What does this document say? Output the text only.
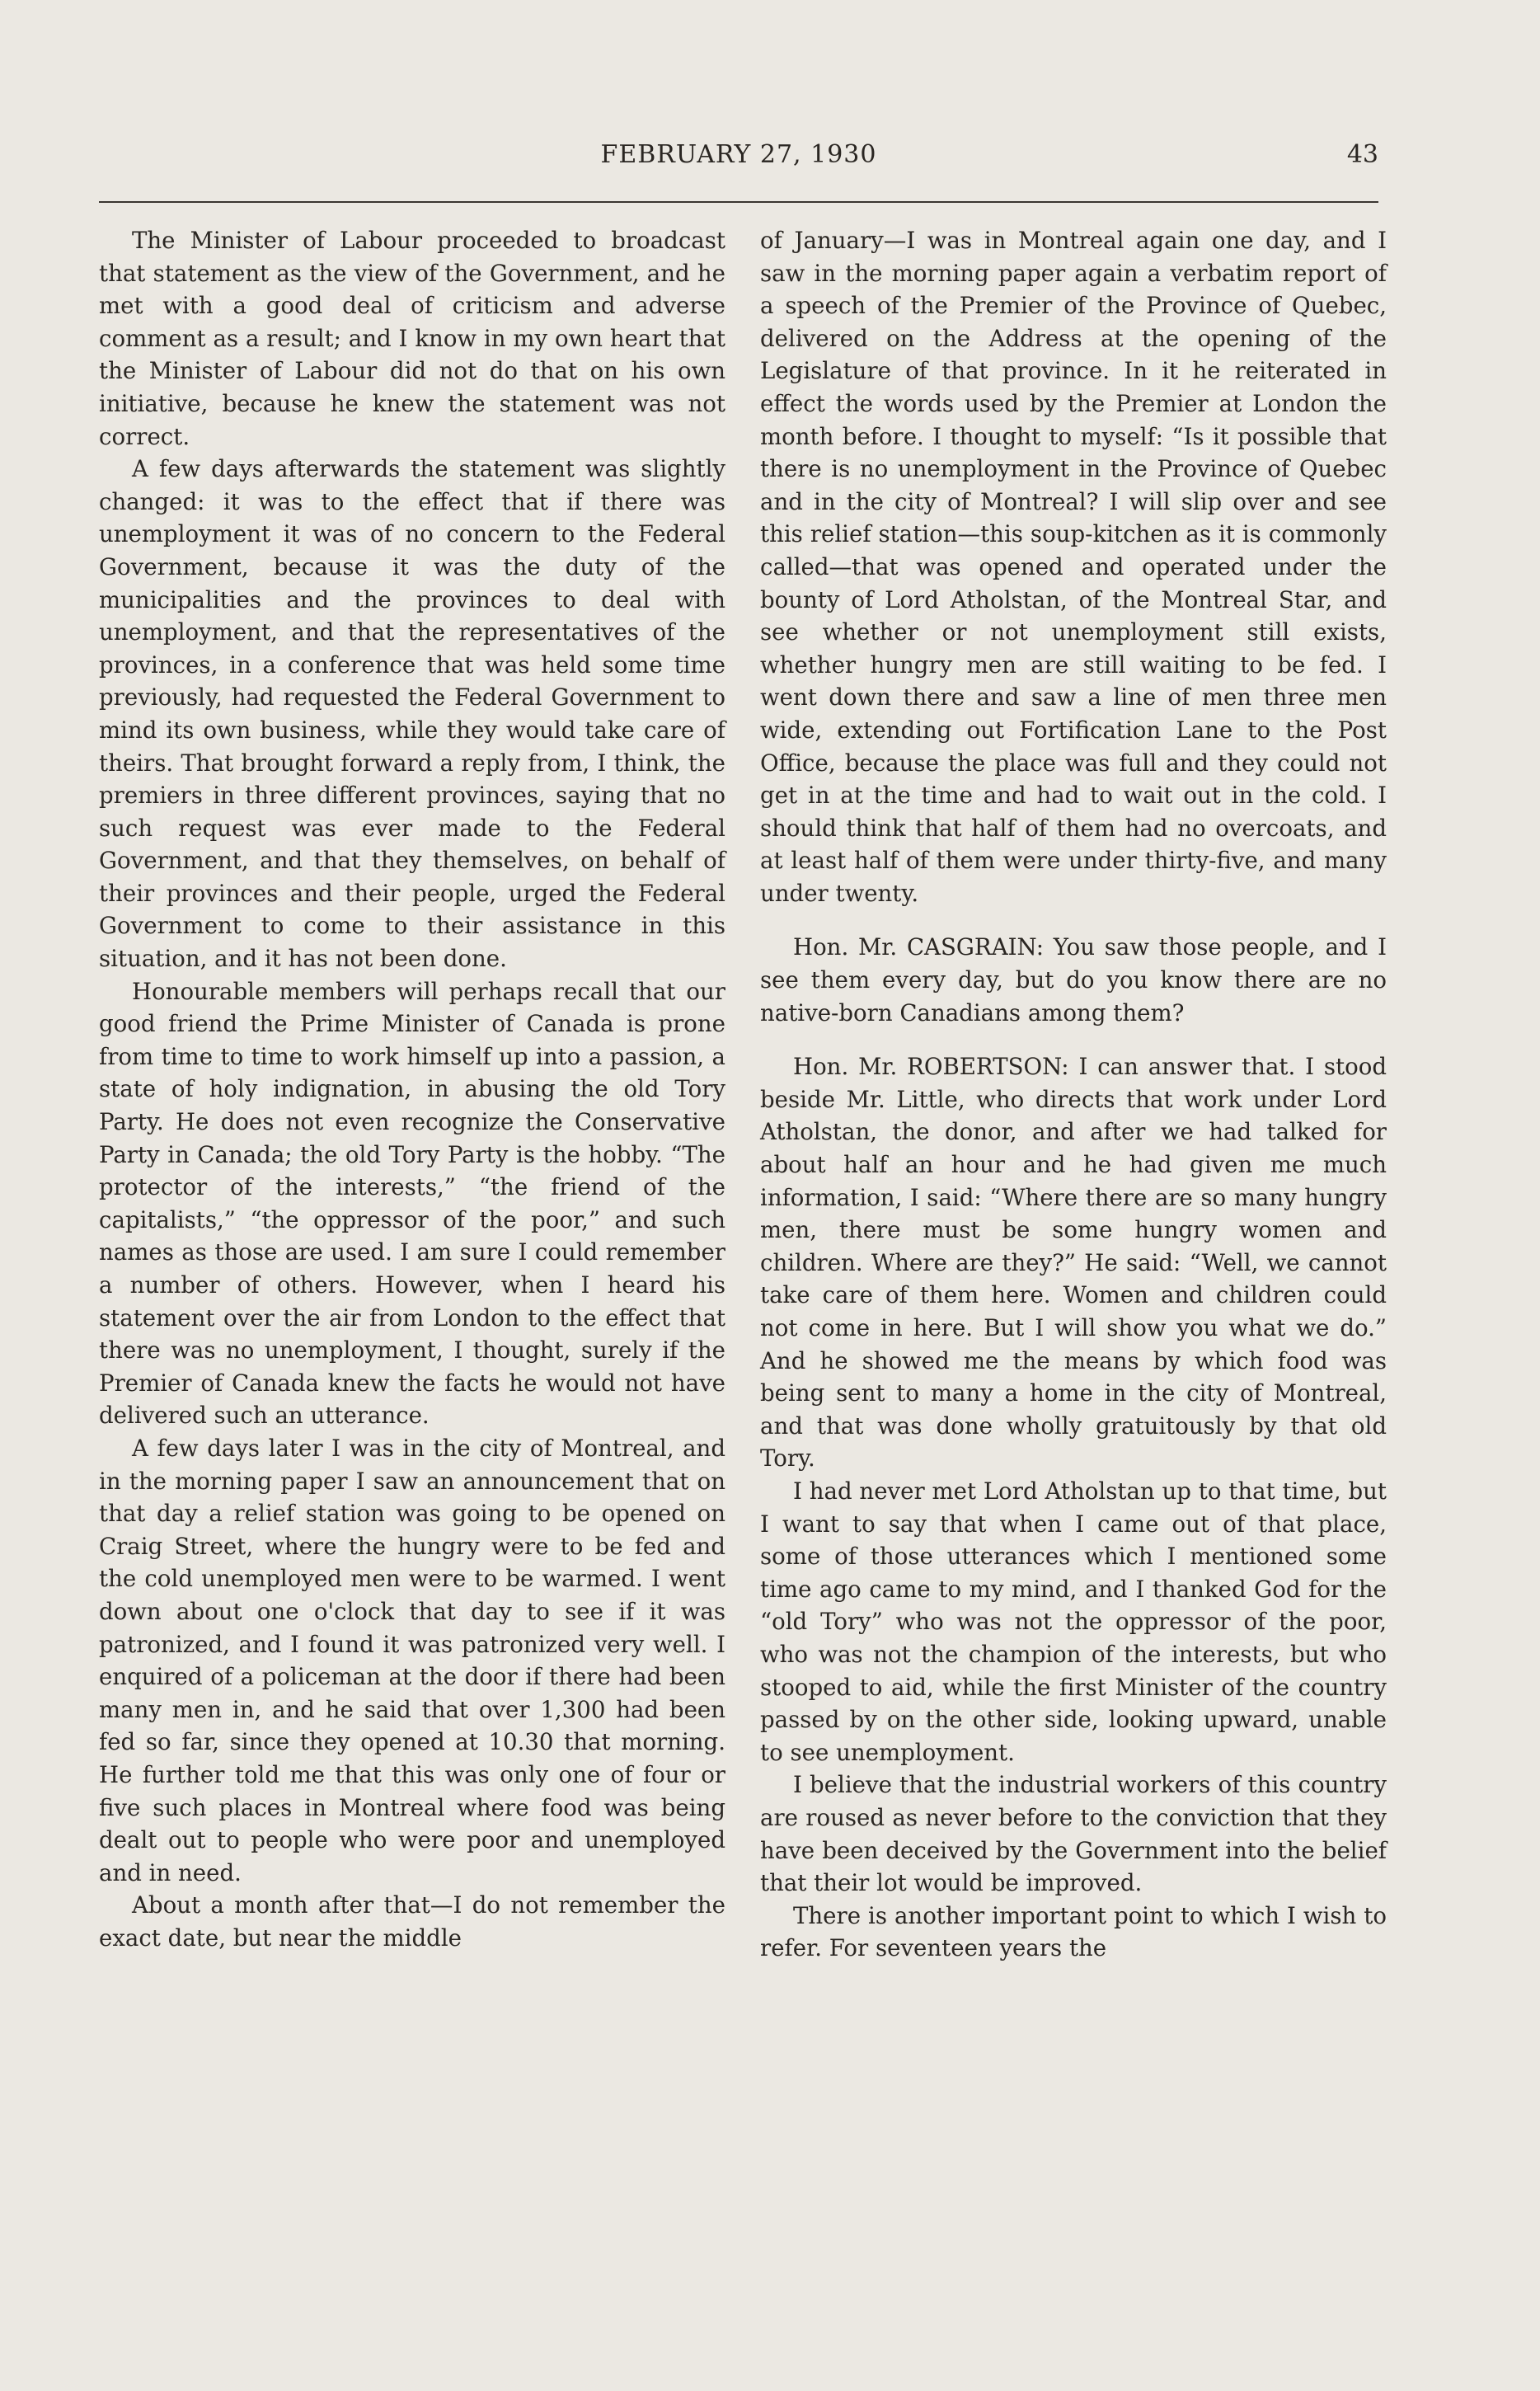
FEBRUARY 27, 1930	43

The Minister of Labour proceeded to broadcast that statement as the view of the Government, and he met with a good deal of criticism and adverse comment as a result; and I know in my own heart that the Minister of Labour did not do that on his own initiative, because he knew the statement was not correct.

A few days afterwards the statement was slightly changed: it was to the effect that if there was unemployment it was of no concern to the Federal Government, because it was the duty of the municipalities and the provinces to deal with unemployment, and that the representatives of the provinces, in a conference that was held some time previously, had requested the Federal Government to mind its own business, while they would take care of theirs. That brought forward a reply from, I think, the premiers in three different provinces, saying that no such request was ever made to the Federal Government, and that they themselves, on behalf of their provinces and their people, urged the Federal Government to come to their assistance in this situation, and it has not been done.

Honourable members will perhaps recall that our good friend the Prime Minister of Canada is prone from time to time to work himself up into a passion, a state of holy indignation, in abusing the old Tory Party. He does not even recognize the Conservative Party in Canada; the old Tory Party is the hobby. “The protector of the interests,” “the friend of the capitalists,” “the oppressor of the poor,” and such names as those are used. I am sure I could remember a number of others. However, when I heard his statement over the air from London to the effect that there was no unemployment, I thought, surely if the Premier of Canada knew the facts he would not have delivered such an utterance.

A few days later I was in the city of Montreal, and in the morning paper I saw an announcement that on that day a relief station was going to be opened on Craig Street, where the hungry were to be fed and the cold unemployed men were to be warmed. I went down about one o'clock that day to see if it was patronized, and I found it was patronized very well. I enquired of a policeman at the door if there had been many men in, and he said that over 1,300 had been fed so far, since they opened at 10.30 that morning. He further told me that this was only one of four or five such places in Montreal where food was being dealt out to people who were poor and unemployed and in need.

About a month after that—I do not remember the exact date, but near the middle

of January—I was in Montreal again one day, and I saw in the morning paper again a verbatim report of a speech of the Premier of the Province of Quebec, delivered on the Address at the opening of the Legislature of that province. In it he reiterated in effect the words used by the Premier at London the month before. I thought to myself: “Is it possible that there is no unemployment in the Province of Quebec and in the city of Montreal? I will slip over and see this relief station—this soup-kitchen as it is commonly called—that was opened and operated under the bounty of Lord Atholstan, of the Montreal Star, and see whether or not unemployment still exists, whether hungry men are still waiting to be fed. I went down there and saw a line of men three men wide, extending out Fortification Lane to the Post Office, because the place was full and they could not get in at the time and had to wait out in the cold. I should think that half of them had no overcoats, and at least half of them were under thirty-five, and many under twenty.

Hon. Mr. CASGRAIN: You saw those people, and I see them every day, but do you know there are no native-born Canadians among them?

Hon. Mr. ROBERTSON: I can answer that. I stood beside Mr. Little, who directs that work under Lord Atholstan, the donor, and after we had talked for about half an hour and he had given me much information, I said: “Where there are so many hungry men, there must be some hungry women and children. Where are they?” He said: “Well, we cannot take care of them here. Women and children could not come in here. But I will show you what we do.” And he showed me the means by which food was being sent to many a home in the city of Montreal, and that was done wholly gratuitously by that old Tory.

I had never met Lord Atholstan up to that time, but I want to say that when I came out of that place, some of those utterances which I mentioned some time ago came to my mind, and I thanked God for the “old Tory” who was not the oppressor of the poor, who was not the champion of the interests, but who stooped to aid, while the first Minister of the country passed by on the other side, looking upward, unable to see unemployment.

I believe that the industrial workers of this country are roused as never before to the conviction that they have been deceived by the Government into the belief that their lot would be improved.

There is another important point to which I wish to refer. For seventeen years the
